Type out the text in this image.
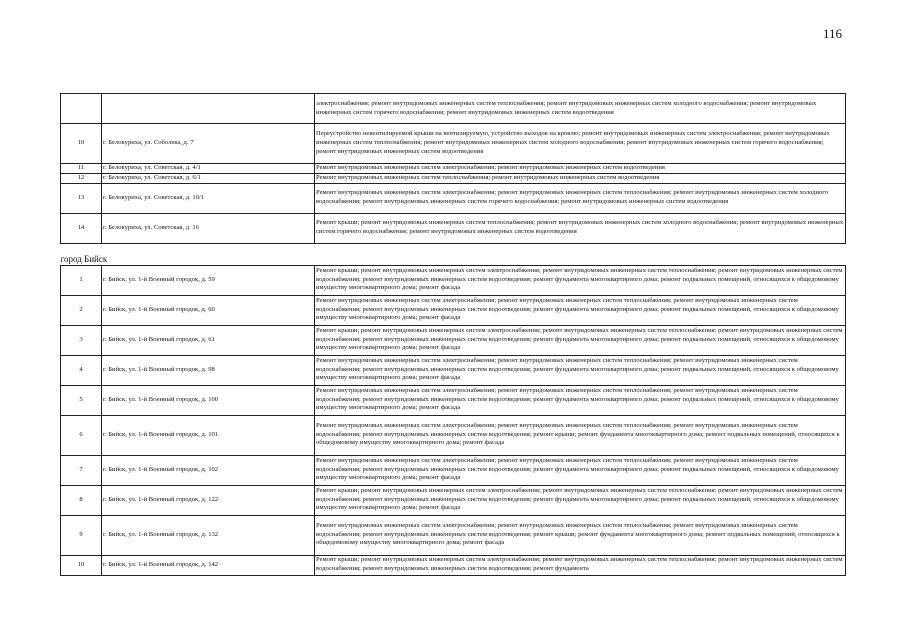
116
		электроснабжения; ремонт внутридомовых инженерных систем теплоснабжения; ремонт внутридомовых инженерных систем холодного водоснабжения; ремонт внутридомовых инженерных систем горячего водоснабжения; ремонт внутридомовых инженерных систем водоотведения
10	г. Белокуриха, ул. Соболева, д. 7	Переустройство невентилируемой крыши на вентилируемую, устройство выходов на кровлю; ремонт внутридомовых инженерных систем электроснабжения; ремонт внутридомовых инженерных систем теплоснабжения; ремонт внутридомовых инженерных систем холодного водоснабжения; ремонт внутридомовых инженерных систем горячего водоснабжения; ремонт внутридомовых инженерных систем водоотведения
11	г. Белокуриха, ул. Советская, д. 4/1	Ремонт внутридомовых инженерных систем электроснабжения; ремонт внутридомовых инженерных систем водоотведения
12	г. Белокуриха, ул. Советская, д. 6/1	Ремонт внутридомовых инженерных систем теплоснабжения; ремонт внутридомовых инженерных систем водоотведения
13	г. Белокуриха, ул. Советская, д. 10/1	Ремонт внутридомовых инженерных систем электроснабжения; ремонт внутридомовых инженерных систем теплоснабжения; ремонт внутридомовых инженерных систем холодного водоснабжения; ремонт внутридомовых инженерных систем горячего водоснабжения; ремонт внутридомовых инженерных систем водоотведения
14	г. Белокуриха, ул. Советская, д. 16	Ремонт крыши; ремонт внутридомовых инженерных систем теплоснабжения; ремонт внутридомовых инженерных систем холодного водоснабжения; ремонт внутридомовых инженерных систем горячего водоснабжения; ремонт внутридомовых инженерных систем водоотведения
город Бийск		
1	г. Бийск, ул. 1-й Военный городок, д. 59	Ремонт крыши; ремонт внутридомовых инженерных систем электроснабжения; ремонт внутридомовых инженерных систем теплоснабжения; ремонт внутридомовых инженерных систем водоснабжения; ремонт внутридомовых инженерных систем водоотведения; ремонт фундамента многоквартирного дома; ремонт подвальных помещений, относящихся к общедомовому имуществу многоквартирного дома; ремонт фасада
2	г. Бийск, ул. 1-й Военный городок, д. 60	Ремонт внутридомовых инженерных систем электроснабжения; ремонт внутридомовых инженерных систем теплоснабжения; ремонт внутридомовых инженерных систем водоснабжения; ремонт внутридомовых инженерных систем водоотведения; ремонт фундамента многоквартирного дома; ремонт подвальных помещений, относящихся к общедомовому имуществу многоквартирного дома; ремонт фасада
3	г. Бийск, ул. 1-й Военный городок, д. 61	Ремонт крыши; ремонт внутридомовых инженерных систем электроснабжения; ремонт внутридомовых инженерных систем теплоснабжения; ремонт внутридомовых инженерных систем водоснабжения; ремонт внутридомовых инженерных систем водоотведения; ремонт фундамента многоквартирного дома; ремонт подвальных помещений, относящихся к общедомовому имуществу многоквартирного дома; ремонт фасада
4	г. Бийск, ул. 1-й Военный городок, д. 98	Ремонт внутридомовых инженерных систем электроснабжения; ремонт внутридомовых инженерных систем теплоснабжения; ремонт внутридомовых инженерных систем водоснабжения; ремонт внутридомовых инженерных систем водоотведения; ремонт фундамента многоквартирного дома; ремонт подвальных помещений, относящихся к общедомовому имуществу многоквартирного дома; ремонт фасада
5	г. Бийск, ул. 1-й Военный городок, д. 100	Ремонт внутридомовых инженерных систем электроснабжения; ремонт внутридомовых инженерных систем теплоснабжения; ремонт внутридомовых инженерных систем водоснабжения; ремонт внутридомовых инженерных систем водоотведения; ремонт фундамента многоквартирного дома; ремонт подвальных помещений, относящихся к общедомовому имуществу многоквартирного дома; ремонт фасада
6	г. Бийск, ул. 1-й Военный городок, д. 101	Ремонт внутридомовых инженерных систем электроснабжения; ремонт внутридомовых инженерных систем теплоснабжения; ремонт внутридомовых инженерных систем водоснабжения; ремонт внутридомовых инженерных систем водоотведения; ремонт крыши; ремонт фундамента многоквартирного дома; ремонт подвальных помещений, относящихся к общедомовому имуществу многоквартирного дома; ремонт фасада
7	г. Бийск, ул. 1-й Военный городок, д. 102	Ремонт внутридомовых инженерных систем электроснабжения; ремонт внутридомовых инженерных систем теплоснабжения; ремонт внутридомовых инженерных систем водоснабжения; ремонт внутридомовых инженерных систем водоотведения; ремонт фундамента многоквартирного дома; ремонт подвальных помещений, относящихся к общедомовому имуществу многоквартирного дома; ремонт фасада
8	г. Бийск, ул. 1-й Военный городок, д. 122	Ремонт крыши; ремонт внутридомовых инженерных систем электроснабжения; ремонт внутридомовых инженерных систем теплоснабжения; ремонт внутридомовых инженерных систем водоснабжения; ремонт внутридомовых инженерных систем водоотведения; ремонт фундамента многоквартирного дома; ремонт подвальных помещений, относящихся к общедомовому имуществу многоквартирного дома; ремонт фасада
9	г. Бийск, ул. 1-й Военный городок, д. 132	Ремонт внутридомовых инженерных систем электроснабжения; ремонт внутридомовых инженерных систем теплоснабжения; ремонт внутридомовых инженерных систем водоснабжения; ремонт внутридомовых инженерных систем водоотведения; ремонт крыши; ремонт фундамента многоквартирного дома; ремонт подвальных помещений, относящихся к общедомовому имуществу многоквартирного дома; ремонт фасада
10	г. Бийск, ул. 1-й Военный городок, д. 142	Ремонт крыши; ремонт внутридомовых инженерных систем электроснабжения; ремонт внутридомовых инженерных систем теплоснабжения; ремонт внутридомовых инженерных систем водоснабжения; ремонт внутридомовых инженерных систем водоотведения; ремонт фундамента
